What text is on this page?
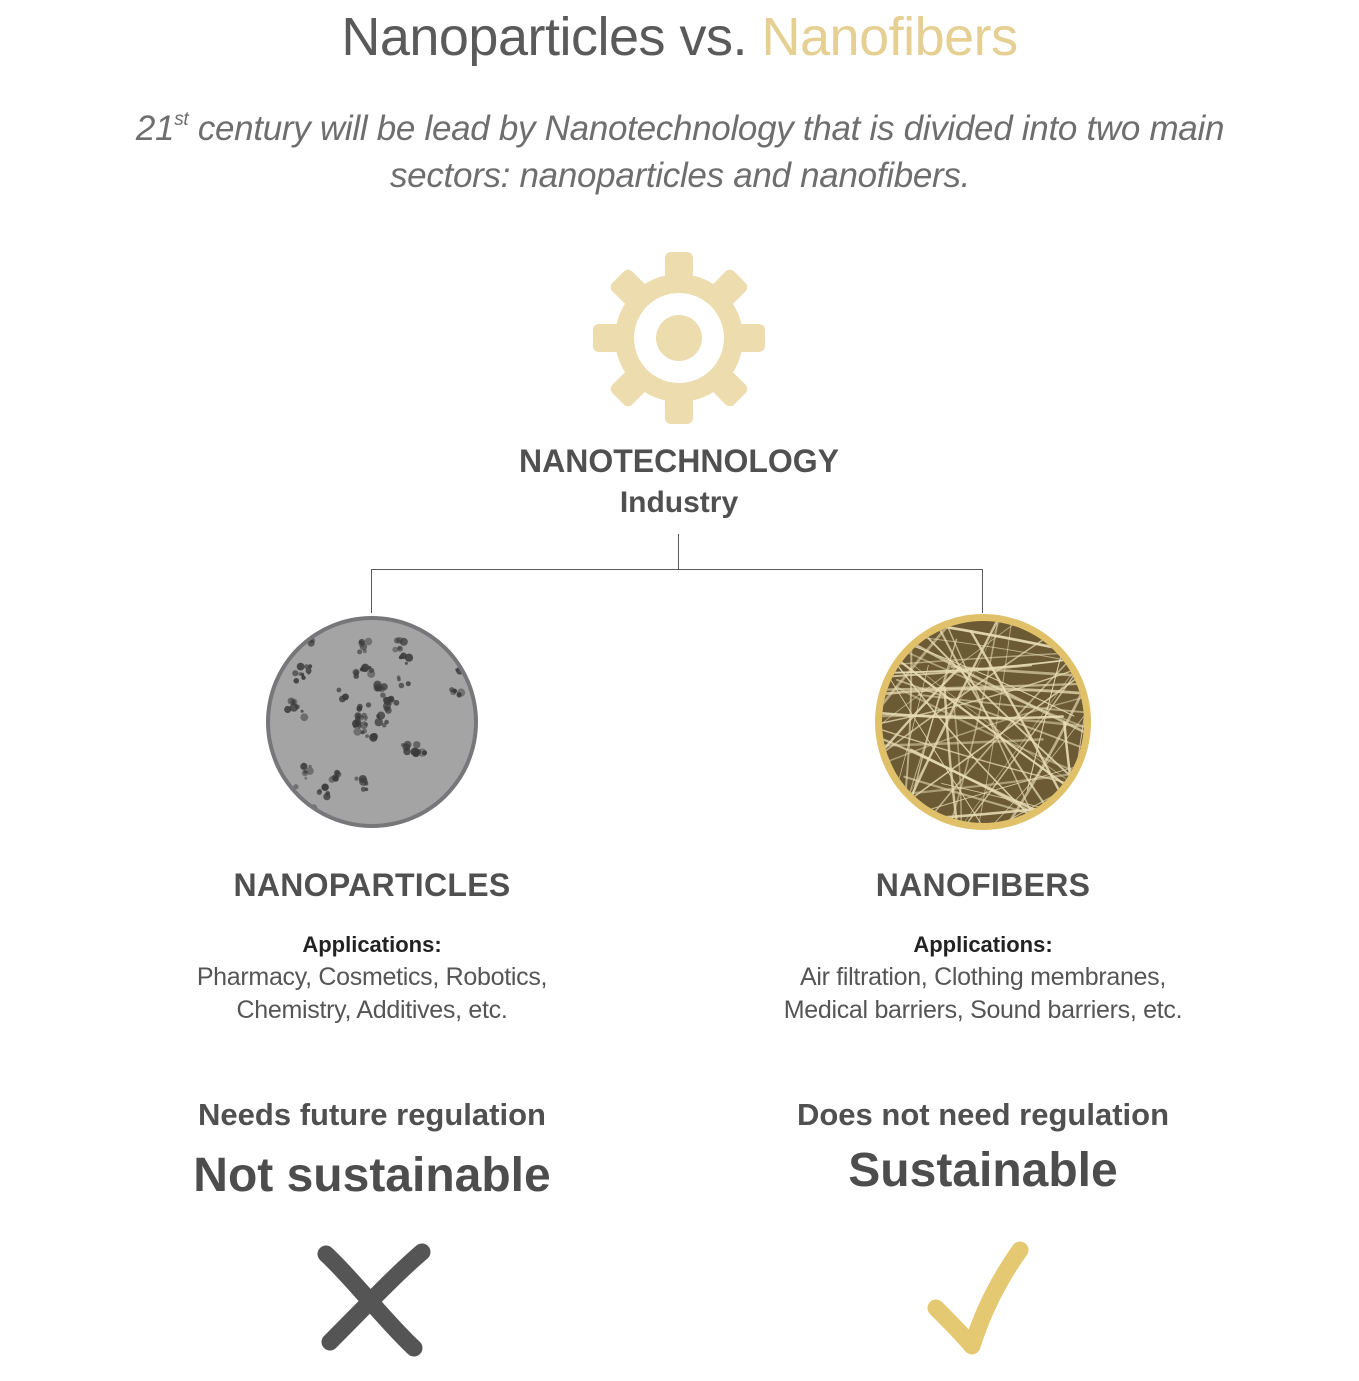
Nanoparticles vs. Nanofibers
21st century will be lead by Nanotechnology that is divided into two main
sectors: nanoparticles and nanofibers.
NANOTECHNOLOGY
Industry
NANOPARTICLES
Applications:
Pharmacy, Cosmetics, Robotics,
Chemistry, Additives, etc.
Needs future regulation
Not sustainable
NANOFIBERS
Applications:
Air filtration, Clothing membranes,
Medical barriers, Sound barriers, etc.
Does not need regulation
Sustainable
